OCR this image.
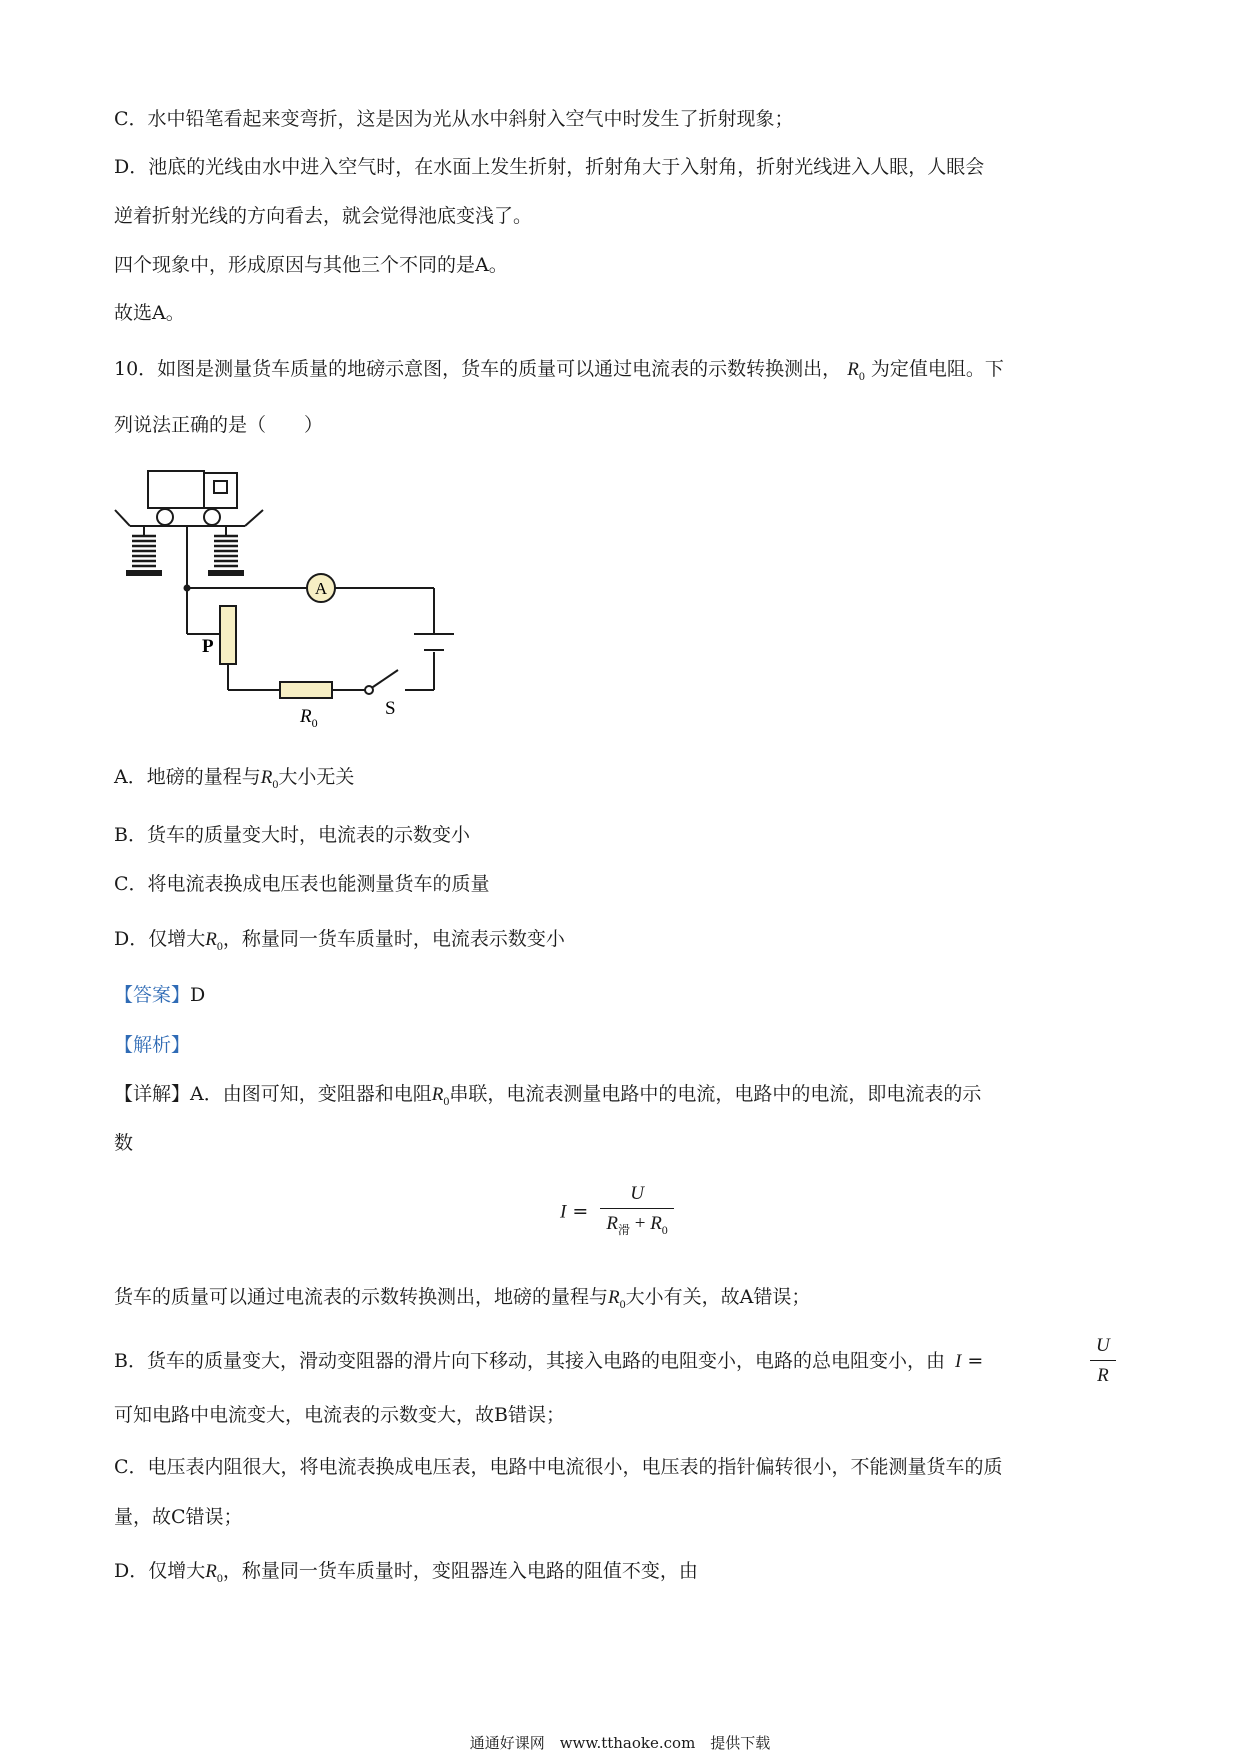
C．水中铅笔看起来变弯折，这是因为光从水中斜射入空气中时发生了折射现象；
D．池底的光线由水中进入空气时，在水面上发生折射，折射角大于入射角，折射光线进入人眼，人眼会
逆着折射光线的方向看去，就会觉得池底变浅了。
四个现象中，形成原因与其他三个不同的是A。
故选A。
10．如图是测量货车质量的地磅示意图，货车的质量可以通过电流表的示数转换测出， $R_0$ 为定值电阻。下
列说法正确的是（　　）
A
P
$R_0$
S
A．地磅的量程与$R_0$大小无关
B．货车的质量变大时，电流表的示数变小
C．将电流表换成电压表也能测量货车的质量
D．仅增大$R_0$，称量同一货车质量时，电流表示数变小
【答案】D
【解析】
【详解】A．由图可知，变阻器和电阻$R_0$串联，电流表测量电路中的电流，电路中的电流，即电流表的示
数
$I = \frac{U}{R_滑 + R_0}$
货车的质量可以通过电流表的示数转换测出，地磅的量程与$R_0$大小有关，故A错误；
B．货车的质量变大，滑动变阻器的滑片向下移动，其接入电路的电阻变小，电路的总电阻变小，由 I =	$\frac{U}{R}$
可知电路中电流变大，电流表的示数变大，故B错误；
C．电压表内阻很大，将电流表换成电压表，电路中电流很小，电压表的指针偏转很小，不能测量货车的质
量，故C错误；
D．仅增大$R_0$，称量同一货车质量时，变阻器连入电路的阻值不变，由
通通好课网　www.tthaoke.com　提供下载
